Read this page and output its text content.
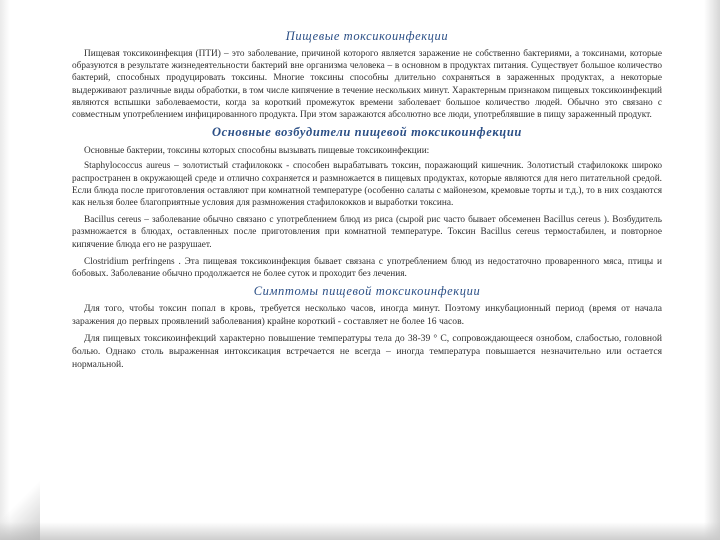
Пищевые токсикоинфекции

Пищевая токсикоинфекция (ПТИ) – это заболевание, причиной которого является заражение не собственно бактериями, а токсинами, которые образуются в результате жизнедеятельности бактерий вне организма человека – в основном в продуктах питания. Существует большое количество бактерий, способных продуцировать токсины. Многие токсины способны длительно сохраняться в зараженных продуктах, а некоторые выдерживают различные виды обработки, в том числе кипячение в течение нескольких минут. Характерным признаком пищевых токсикоинфекций являются вспышки заболеваемости, когда за короткий промежуток времени заболевает большое количество людей. Обычно это связано с совместным употреблением инфицированного продукта. При этом заражаются абсолютно все люди, употреблявшие в пищу зараженный продукт.

Основные возбудители пищевой токсикоинфекции

Основные бактерии, токсины которых способны вызывать пищевые токсикоинфекции:

Staphylococcus aureus – золотистый стафилококк - способен вырабатывать токсин, поражающий кишечник. Золотистый стафилококк широко распространен в окружающей среде и отлично сохраняется и размножается в пищевых продуктах, которые являются для него питательной средой. Если блюда после приготовления оставляют при комнатной температуре (особенно салаты с майонезом, кремовые торты и т.д.), то в них создаются как нельзя более благоприятные условия для размножения стафилококков и выработки токсина.

Bacillus cereus – заболевание обычно связано с употреблением блюд из риса (сырой рис часто бывает обсеменен Bacillus cereus ). Возбудитель размножается в блюдах, оставленных после приготовления при комнатной температуре. Токсин Bacillus cereus термостабилен, и повторное кипячение блюда его не разрушает.

Clostridium perfringens . Эта пищевая токсикоинфекция бывает связана с употреблением блюд из недостаточно проваренного мяса, птицы и бобовых. Заболевание обычно продолжается не более суток и проходит без лечения.

Симптомы пищевой токсикоинфекции

Для того, чтобы токсин попал в кровь, требуется несколько часов, иногда минут. Поэтому инкубационный период (время от начала заражения до первых проявлений заболевания) крайне короткий - составляет не более 16 часов.

Для пищевых токсикоинфекций характерно повышение температуры тела до 38-39 ° С, сопровождающееся ознобом, слабостью, головной болью. Однако столь выраженная интоксикация встречается не всегда – иногда температура повышается незначительно или остается нормальной.
